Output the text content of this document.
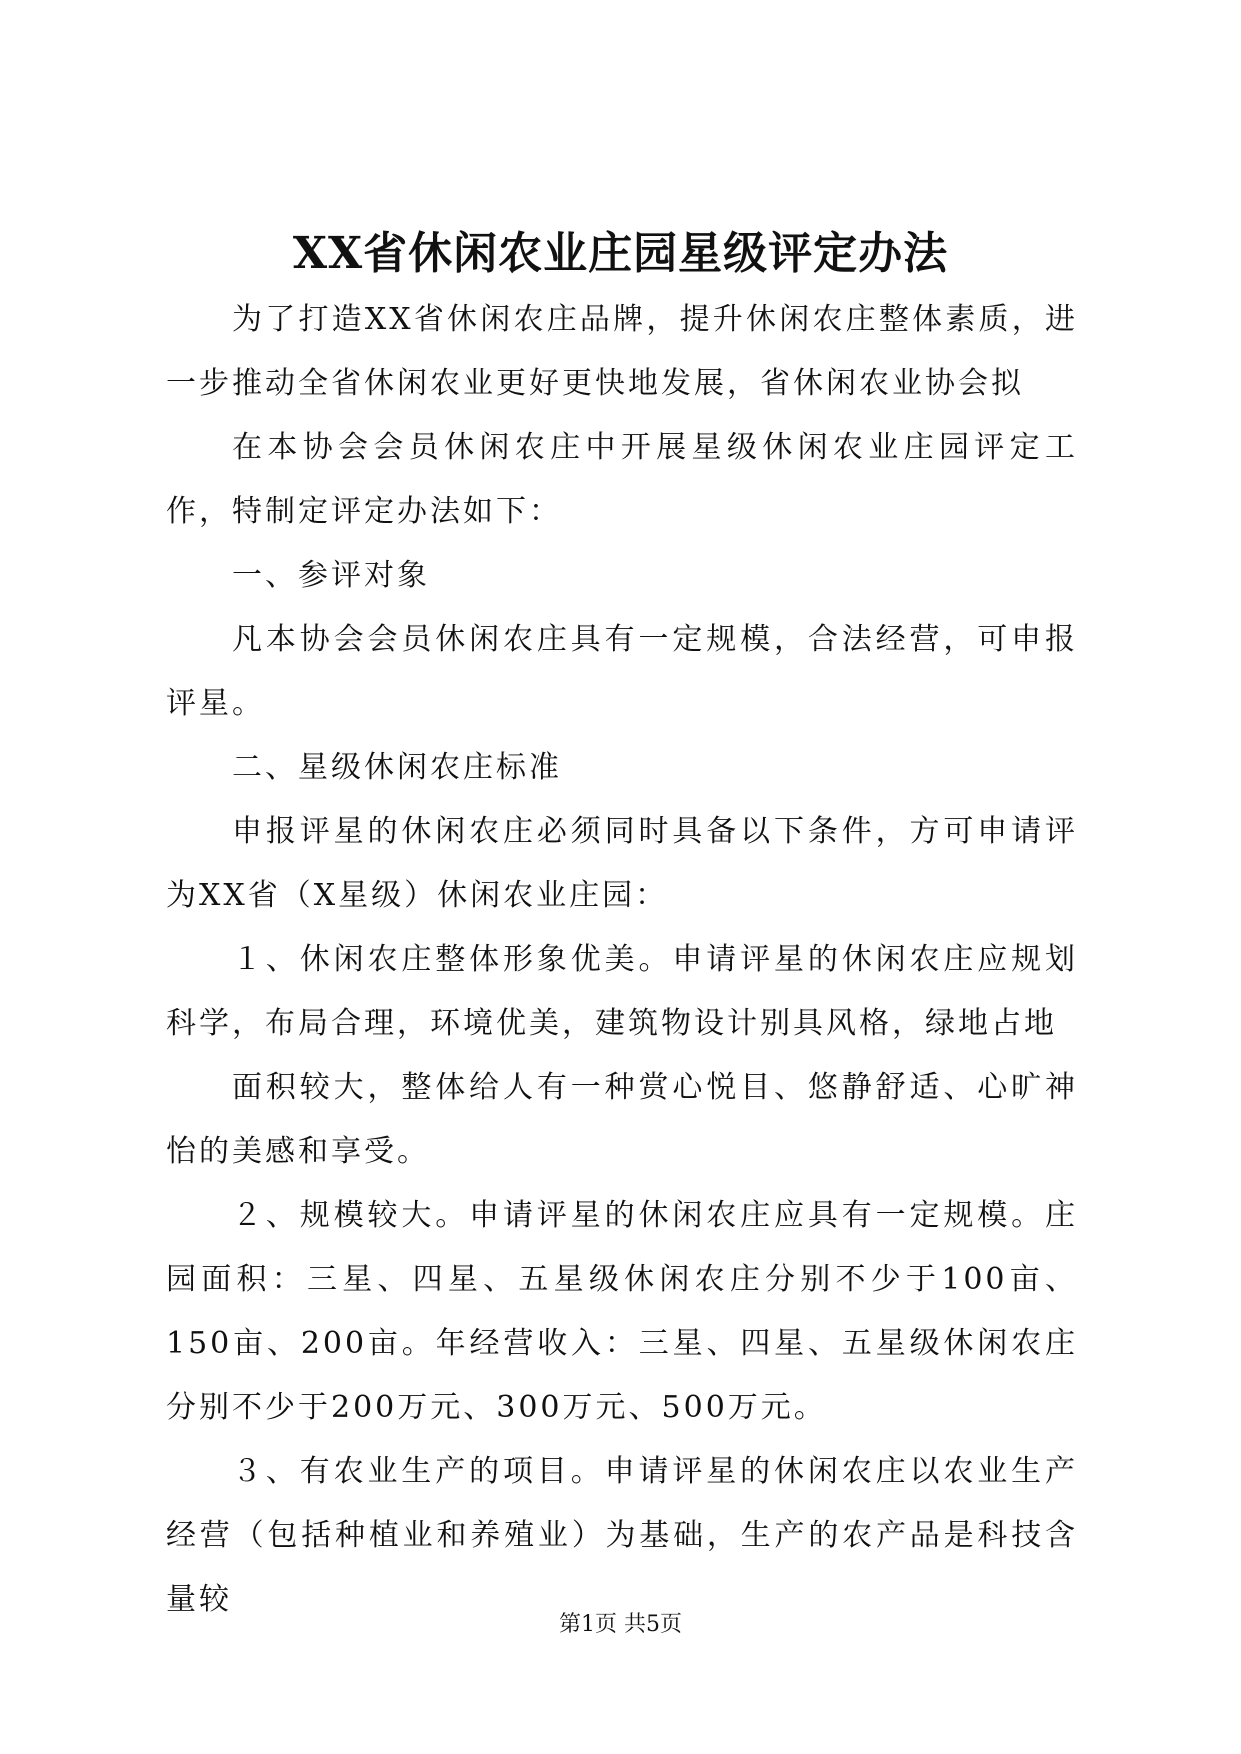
XX省休闲农业庄园星级评定办法

为了打造XX省休闲农庄品牌，提升休闲农庄整体素质，进一步推动全省休闲农业更好更快地发展，省休闲农业协会拟

在本协会会员休闲农庄中开展星级休闲农业庄园评定工作，特制定评定办法如下：

一、参评对象

凡本协会会员休闲农庄具有一定规模，合法经营，可申报评星。

二、星级休闲农庄标准

申报评星的休闲农庄必须同时具备以下条件，方可申请评为XX省（X星级）休闲农业庄园：

１、休闲农庄整体形象优美。申请评星的休闲农庄应规划科学，布局合理，环境优美，建筑物设计别具风格，绿地占地

面积较大，整体给人有一种赏心悦目、悠静舒适、心旷神怡的美感和享受。

２、规模较大。申请评星的休闲农庄应具有一定规模。庄园面积：三星、四星、五星级休闲农庄分别不少于100亩、150亩、200亩。年经营收入：三星、四星、五星级休闲农庄分别不少于200万元、300万元、500万元。

３、有农业生产的项目。申请评星的休闲农庄以农业生产经营（包括种植业和养殖业）为基础，生产的农产品是科技含量较

第1页 共5页
